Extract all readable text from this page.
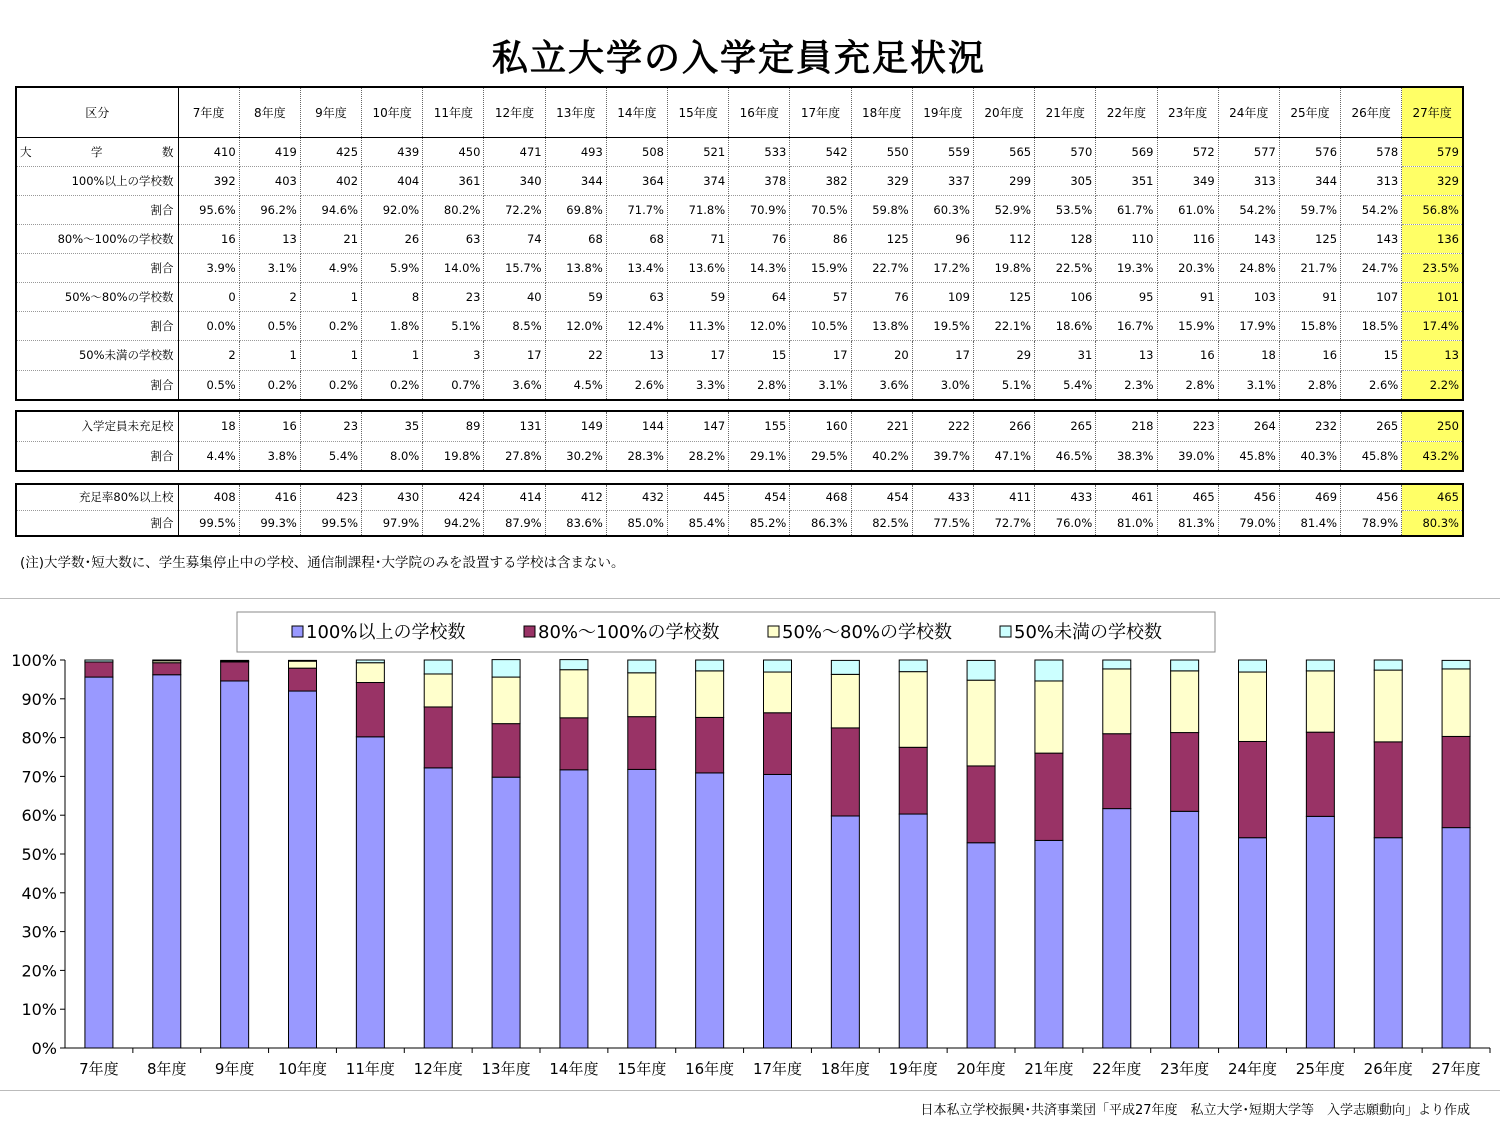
私立大学の入学定員充足状況
区分	7年度	8年度	9年度	10年度	11年度	12年度	13年度	14年度	15年度	16年度	17年度	18年度	19年度	20年度	21年度	22年度	23年度	24年度	25年度	26年度	27年度
大　　学　　数	410	419	425	439	450	471	493	508	521	533	542	550	559	565	570	569	572	577	576	578	579
100%以上の学校数	392	403	402	404	361	340	344	364	374	378	382	329	337	299	305	351	349	313	344	313	329
割合	95.6%	96.2%	94.6%	92.0%	80.2%	72.2%	69.8%	71.7%	71.8%	70.9%	70.5%	59.8%	60.3%	52.9%	53.5%	61.7%	61.0%	54.2%	59.7%	54.2%	56.8%
80%～100%の学校数	16	13	21	26	63	74	68	68	71	76	86	125	96	112	128	110	116	143	125	143	136
割合	3.9%	3.1%	4.9%	5.9%	14.0%	15.7%	13.8%	13.4%	13.6%	14.3%	15.9%	22.7%	17.2%	19.8%	22.5%	19.3%	20.3%	24.8%	21.7%	24.7%	23.5%
50%～80%の学校数	0	2	1	8	23	40	59	63	59	64	57	76	109	125	106	95	91	103	91	107	101
割合	0.0%	0.5%	0.2%	1.8%	5.1%	8.5%	12.0%	12.4%	11.3%	12.0%	10.5%	13.8%	19.5%	22.1%	18.6%	16.7%	15.9%	17.9%	15.8%	18.5%	17.4%
50%未満の学校数	2	1	1	1	3	17	22	13	17	15	17	20	17	29	31	13	16	18	16	15	13
割合	0.5%	0.2%	0.2%	0.2%	0.7%	3.6%	4.5%	2.6%	3.3%	2.8%	3.1%	3.6%	3.0%	5.1%	5.4%	2.3%	2.8%	3.1%	2.8%	2.6%	2.2%
入学定員未充足校	18	16	23	35	89	131	149	144	147	155	160	221	222	266	265	218	223	264	232	265	250
割合	4.4%	3.8%	5.4%	8.0%	19.8%	27.8%	30.2%	28.3%	28.2%	29.1%	29.5%	40.2%	39.7%	47.1%	46.5%	38.3%	39.0%	45.8%	40.3%	45.8%	43.2%
充足率80%以上校	408	416	423	430	424	414	412	432	445	454	468	454	433	411	433	461	465	456	469	456	465
割合	99.5%	99.3%	99.5%	97.9%	94.2%	87.9%	83.6%	85.0%	85.4%	85.2%	86.3%	82.5%	77.5%	72.7%	76.0%	81.0%	81.3%	79.0%	81.4%	78.9%	80.3%
(注)大学数･短大数に、学生募集停止中の学校、通信制課程･大学院のみを設置する学校は含まない。
100%以上の学校数	80%～100%の学校数	50%～80%の学校数	50%未満の学校数
0%
10%
20%
30%
40%
50%
60%
70%
80%
90%
100%
7年度 8年度 9年度 10年度 11年度 12年度 13年度 14年度 15年度 16年度 17年度 18年度 19年度 20年度 21年度 22年度 23年度 24年度 25年度 26年度 27年度
日本私立学校振興･共済事業団「平成27年度　私立大学･短期大学等　入学志願動向」より作成
